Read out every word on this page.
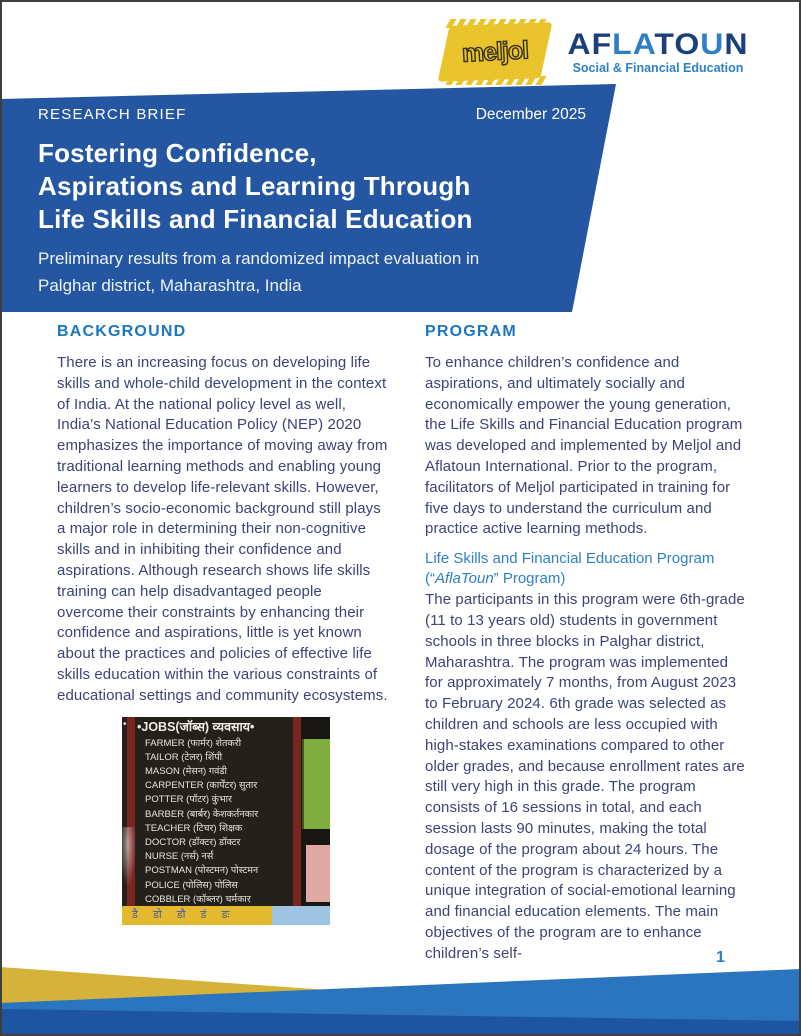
meljol	AFLATOUN
Social & Financial Education
RESEARCH BRIEF	December 2025
Fostering Confidence,
Aspirations and Learning Through
Life Skills and Financial Education
Preliminary results from a randomized impact evaluation in Palghar district, Maharashtra, India
BACKGROUND

There is an increasing focus on developing life skills and whole-child development in the context of India. At the national policy level as well, India’s National Education Policy (NEP) 2020 emphasizes the importance of moving away from traditional learning methods and enabling young learners to develop life-relevant skills. However, children’s socio-economic background still plays a major role in determining their non-cognitive skills and in inhibiting their confidence and aspirations. Although research shows life skills training can help disadvantaged people overcome their constraints by enhancing their confidence and aspirations, little is yet known about the practices and policies of effective life skills education within the various constraints of educational settings and community ecosystems.

• •JOBS(जॉब्स) व्यवसाय•
FARMER (फार्मर) शेतकरी
TAILOR (टेलर) शिंपी
MASON (मेसन) गवंडी
CARPENTER (कार्पेंटर) सुतार
POTTER (पॉटर) कुंभार
BARBER (बार्बर) केशकर्तनकार
TEACHER (टिचर) शिक्षक
DOCTOR (डॉक्टर) डॉक्टर
NURSE (नर्स) नर्स
POSTMAN (पोस्टमन) पोस्टमन
POLICE (पोलिस) पोलिस
COBBLER (कॉब्लर) चर्मकार
डै डो डौ डं डः
PROGRAM

To enhance children’s confidence and aspirations, and ultimately socially and economically empower the young generation, the Life Skills and Financial Education program was developed and implemented by Meljol and Aflatoun International. Prior to the program, facilitators of Meljol participated in training for five days to understand the curriculum and practice active learning methods.

Life Skills and Financial Education Program (“AflaToun” Program)

The participants in this program were 6th-grade (11 to 13 years old) students in government schools in three blocks in Palghar district, Maharashtra. The program was implemented for approximately 7 months, from August 2023 to February 2024. 6th grade was selected as children and schools are less occupied with high-stakes examinations compared to other older grades, and because enrollment rates are still very high in this grade. The program consists of 16 sessions in total, and each session lasts 90 minutes, making the total dosage of the program about 24 hours. The content of the program is characterized by a unique integration of social-emotional learning and financial education elements. The main objectives of the program are to enhance children’s self-	1
